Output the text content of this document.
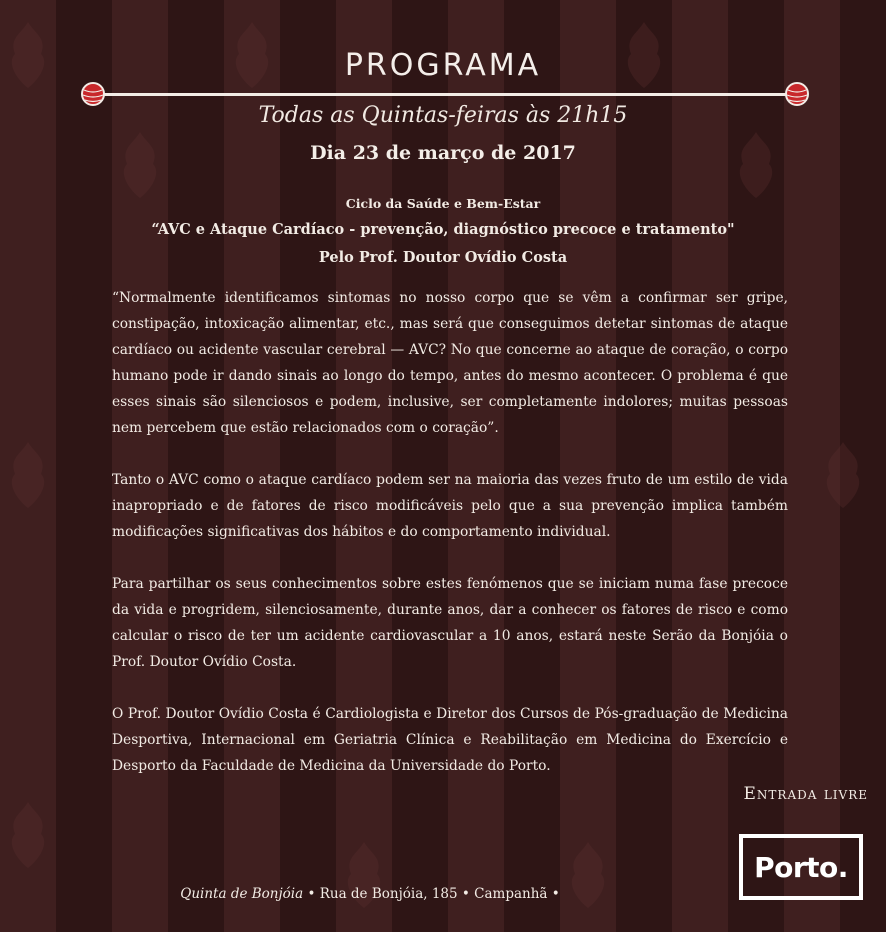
PROGRAMA
Todas as Quintas-feiras às 21h15
Dia 23 de março de 2017
Ciclo da Saúde e Bem-Estar
“AVC e Ataque Cardíaco - prevenção, diagnóstico precoce e tratamento"
Pelo Prof. Doutor Ovídio Costa

“Normalmente identificamos sintomas no nosso corpo que se vêm a confirmar ser gripe, constipação, intoxicação alimentar, etc., mas será que conseguimos detetar sintomas de ataque cardíaco ou acidente vascular cerebral — AVC? No que concerne ao ataque de coração, o corpo humano pode ir dando sinais ao longo do tempo, antes do mesmo acontecer. O problema é que esses sinais são silenciosos e podem, inclusive, ser completamente indolores; muitas pessoas nem percebem que estão relacionados com o coração”.

Tanto o AVC como o ataque cardíaco podem ser na maioria das vezes fruto de um estilo de vida inapropriado e de fatores de risco modificáveis pelo que a sua prevenção implica também modificações significativas dos hábitos e do comportamento individual.

Para partilhar os seus conhecimentos sobre estes fenómenos que se iniciam numa fase precoce da vida e progridem, silenciosamente, durante anos, dar a conhecer os fatores de risco e como calcular o risco de ter um acidente cardiovascular a 10 anos, estará neste Serão da Bonjóia o Prof. Doutor Ovídio Costa.

O Prof. Doutor Ovídio Costa é Cardiologista e Diretor dos Cursos de Pós-graduação de Medicina Desportiva, Internacional em Geriatria Clínica e Reabilitação em Medicina do Exercício e Desporto da Faculdade de Medicina da Universidade do Porto.

Entrada livre
Porto.
Quinta de Bonjóia • Rua de Bonjóia, 185 • Campanhã •
